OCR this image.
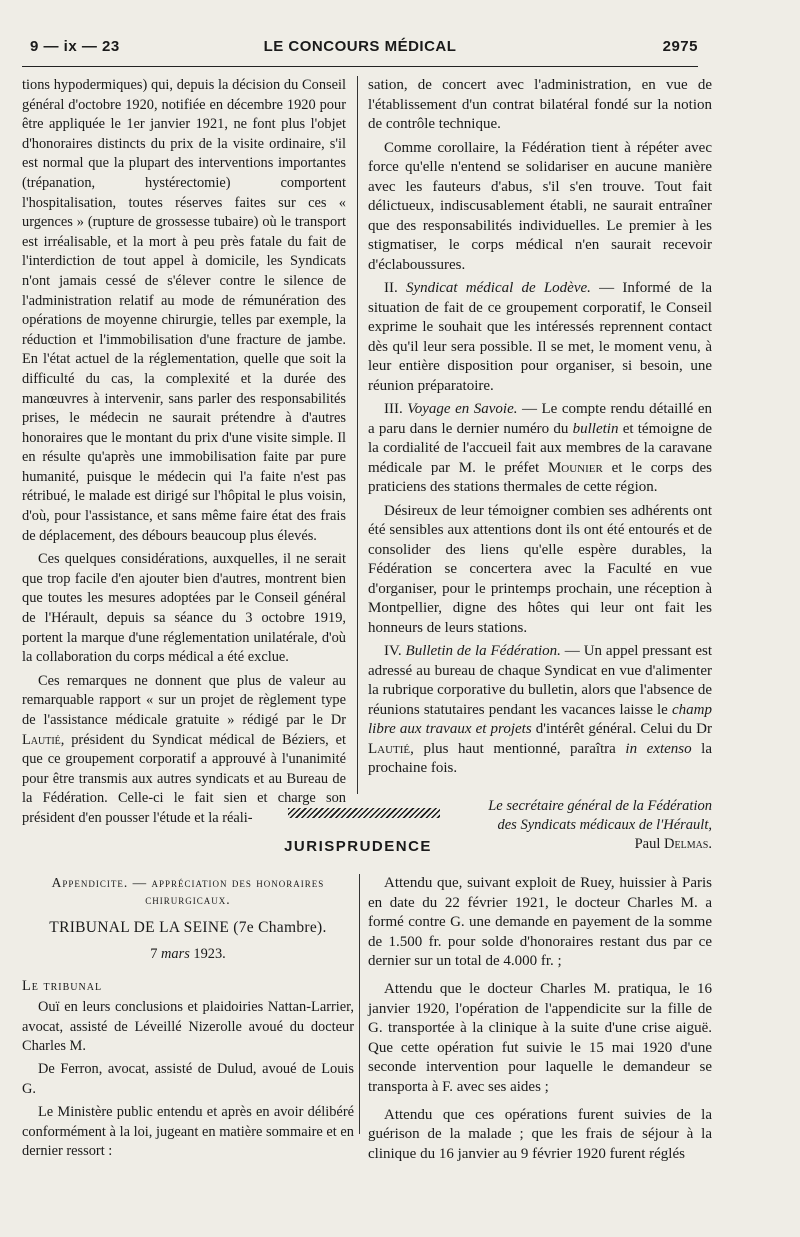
9 — ix — 23	LE CONCOURS MÉDICAL	2975

tions hypodermiques) qui, depuis la décision du Conseil général d'octobre 1920, notifiée en décembre 1920 pour être appliquée le 1er janvier 1921, ne font plus l'objet d'honoraires distincts du prix de la visite ordinaire, s'il est normal que la plupart des interventions importantes (trépanation, hystérectomie) comportent l'hospitalisation, toutes réserves faites sur ces « urgences » (rupture de grossesse tubaire) où le transport est irréalisable, et la mort à peu près fatale du fait de l'interdiction de tout appel à domicile, les Syndicats n'ont jamais cessé de s'élever contre le silence de l'administration relatif au mode de rémunération des opérations de moyenne chirurgie, telles par exemple, la réduction et l'immobilisation d'une fracture de jambe. En l'état actuel de la réglementation, quelle que soit la difficulté du cas, la complexité et la durée des manœuvres à intervenir, sans parler des responsabilités prises, le médecin ne saurait prétendre à d'autres honoraires que le montant du prix d'une visite simple. Il en résulte qu'après une immobilisation faite par pure humanité, puisque le médecin qui l'a faite n'est pas rétribué, le malade est dirigé sur l'hôpital le plus voisin, d'où, pour l'assistance, et sans même faire état des frais de déplacement, des débours beaucoup plus élevés.

Ces quelques considérations, auxquelles, il ne serait que trop facile d'en ajouter bien d'autres, montrent bien que toutes les mesures adoptées par le Conseil général de l'Hérault, depuis sa séance du 3 octobre 1919, portent la marque d'une réglementation unilatérale, d'où la collaboration du corps médical a été exclue.

Ces remarques ne donnent que plus de valeur au remarquable rapport « sur un projet de règlement type de l'assistance médicale gratuite » rédigé par le Dr Lautié, président du Syndicat médical de Béziers, et que ce groupement corporatif a approuvé à l'unanimité pour être transmis aux autres syndicats et au Bureau de la Fédération. Celle-ci le fait sien et charge son président d'en pousser l'étude et la réali-

sation, de concert avec l'administration, en vue de l'établissement d'un contrat bilatéral fondé sur la notion de contrôle technique.

Comme corollaire, la Fédération tient à répéter avec force qu'elle n'entend se solidariser en aucune manière avec les fauteurs d'abus, s'il s'en trouve. Tout fait délictueux, indiscusablement établi, ne saurait entraîner que des responsabilités individuelles. Le premier à les stigmatiser, le corps médical n'en saurait recevoir d'éclaboussures.

II. Syndicat médical de Lodève. — Informé de la situation de fait de ce groupement corporatif, le Conseil exprime le souhait que les intéressés reprennent contact dès qu'il leur sera possible. Il se met, le moment venu, à leur entière disposition pour organiser, si besoin, une réunion préparatoire.

III. Voyage en Savoie. — Le compte rendu détaillé en a paru dans le dernier numéro du bulletin et témoigne de la cordialité de l'accueil fait aux membres de la caravane médicale par M. le préfet Mounier et le corps des praticiens des stations thermales de cette région.

Désireux de leur témoigner combien ses adhérents ont été sensibles aux attentions dont ils ont été entourés et de consolider des liens qu'elle espère durables, la Fédération se concertera avec la Faculté en vue d'organiser, pour le printemps prochain, une réception à Montpellier, digne des hôtes qui leur ont fait les honneurs de leurs stations.

IV. Bulletin de la Fédération. — Un appel pressant est adressé au bureau de chaque Syndicat en vue d'alimenter la rubrique corporative du bulletin, alors que l'absence de réunions statutaires pendant les vacances laisse le champ libre aux travaux et projets d'intérêt général. Celui du Dr Lautié, plus haut mentionné, paraîtra in extenso la prochaine fois.

Le secrétaire général de la Fédération
des Syndicats médicaux de l'Hérault,
Paul Delmas.
JURISPRUDENCE
Appendicite. — appréciation des honoraires chirurgicaux.
TRIBUNAL DE LA SEINE (7e Chambre).
7 mars 1923.
Le tribunal

Ouï en leurs conclusions et plaidoiries Nattan-Larrier, avocat, assisté de Léveillé Nizerolle avoué du docteur Charles M.

De Ferron, avocat, assisté de Dulud, avoué de Louis G.

Le Ministère public entendu et après en avoir délibéré conformément à la loi, jugeant en matière sommaire et en dernier ressort :

Attendu que, suivant exploit de Ruey, huissier à Paris en date du 22 février 1921, le docteur Charles M. a formé contre G. une demande en payement de la somme de 1.500 fr. pour solde d'honoraires restant dus par ce dernier sur un total de 4.000 fr. ;

Attendu que le docteur Charles M. pratiqua, le 16 janvier 1920, l'opération de l'appendicite sur la fille de G. transportée à la clinique à la suite d'une crise aiguë. Que cette opération fut suivie le 15 mai 1920 d'une seconde intervention pour laquelle le demandeur se transporta à F. avec ses aides ;

Attendu que ces opérations furent suivies de la guérison de la malade ; que les frais de séjour à la clinique du 16 janvier au 9 février 1920 furent réglés
